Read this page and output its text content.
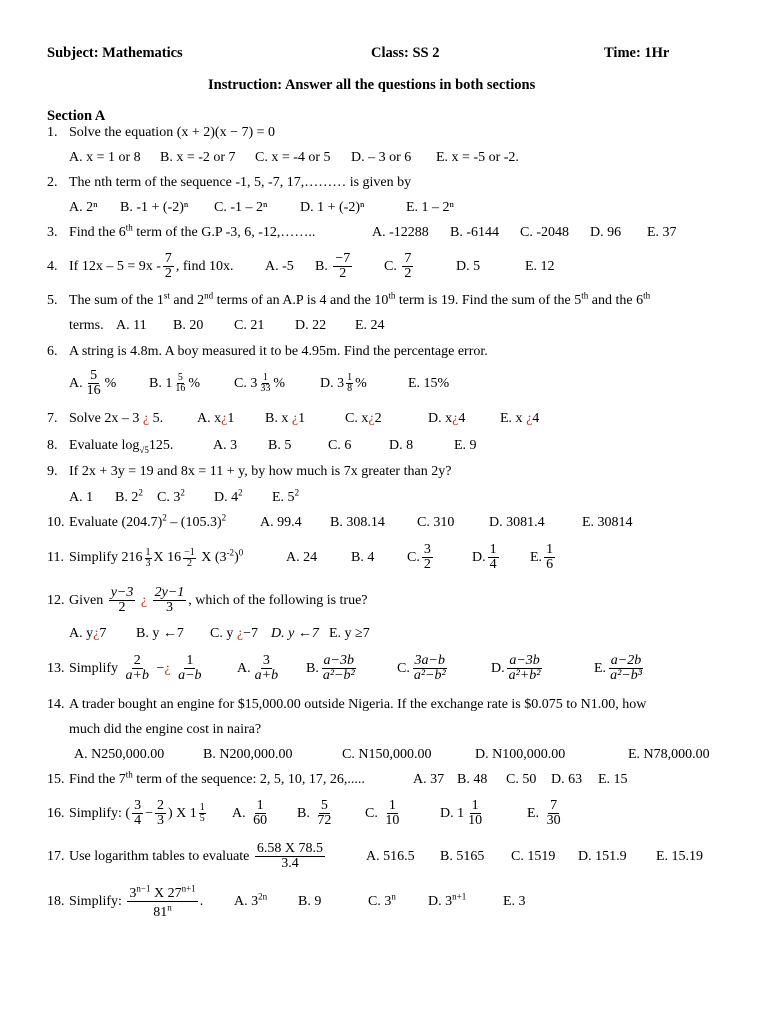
Subject: Mathematics	Class: SS 2	Time: 1Hr
Instruction: Answer all the questions in both sections
Section A
1. Solve the equation (x + 2)(x − 7) = 0
A. x = 1 or 8 B. x = -2 or 7 C. x = -4 or 5 D. – 3 or 6 E. x = -5 or -2.
2. The nth term of the sequence -1, 5, -7, 17,……… is given by
A. 2ⁿ B. -1 + (-2)ⁿ C. -1 – 2ⁿ D. 1 + (-2)ⁿ	E. 1 – 2ⁿ
3. Find the 6th term of the G.P -3, 6, -12,……..	A. -12288 B. -6144 C. -2048 D. 96 E. 37
4. If $12x - 5 = 9x - \frac{7}{2}$ , find 10x. A. -5 B. $\frac{-7}{2} C$. $\frac{7}{2}$	D. 5	E. 12
5. The sum of the 1st and 2nd terms of an A.P is 4 and the 10th term is 19. Find the sum of the 5th and the 6th
terms. A. 11 B. 20 C. 21 D. 22 E. 24
6. A string is 4.8m. A boy measured it to be 4.95m. Find the percentage error.
A. $\frac{5}{16}$ % B. $1 \frac{5}{16}$ % C. $3 \frac{1}{33}$ % D. $3 \frac{1}{8}$ %	E. 15%
7. Solve 2x – 3 ¿ 5. A. x¿1 B. x ¿1	C. x¿2	D. x¿4 E. x ¿4
8. Evaluate $\log_{√5}125$.	A. 3 B. 5	C. 6	D. 8	E. 9
9. If 2x + 3y = 19 and 8x = 11 + y, by how much is 7x greater than 2y?
A. 1 B. $2^2$ C. $3^2$ D. $4^2$ E. $5^2$
10. Evaluate $(204.7)^2 - (105.3)^2$ A. 99.4 B. 308.14 C. 310 D. 3081.4	E. 30814
11. Simplify $216 \frac{1}{3}$ X $16 \frac{-1}{2}$ X $(3^{-2})^0$	A. 24 B. 4 C. $\frac{3}{2}$	D. $\frac{1}{4} E$. $\frac{1}{6}$
12. Given $\frac{y-3}{2}$ ¿ $\frac{2y-1}{3}$ , which of the following is true?
A. y¿7 B. y ←7 C. y ¿−7 D. y ←7 E. y ≥7
13. Simplify $\frac{2}{a+b}$ −¿ $\frac{1}{a-b} A$. $\frac{3}{a+b} B$. $\frac{a-3b}{\text{a²−b²}}$	C. $\frac{3a-b}{\text{a²−b²}}$	D. $\frac{a-3b}{\text{a²+b²}}$	E. $\frac{a-2b}{\text{a²−b³}}$
14. A trader bought an engine for $15,000.00 outside Nigeria. If the exchange rate is $0.075 to N1.00, how
much did the engine cost in naira?
A. N250,000.00	B. N200,000.00	C. N150,000.00	D. N100,000.00	E. N78,000.00
15. Find the 7th term of the sequence: 2, 5, 10, 17, 26,.....	A. 37 B. 48 C. 50 D. 63 E. 15
16. Simplify: ( $\frac{3}{4} - \frac{2}{3}$ ) X $1 \frac{1}{5} A$. $\frac{1}{60} B$. $\frac{5}{72} C$. $\frac{1}{10}$	D. $1 \frac{1}{10}$	E. $\frac{7}{30}$
17. Use logarithm tables to evaluate $\frac{6.58 X 78.5}{3.4}$	A. 516.5 B. 5165 C. 1519 D. 151.9 E. 15.19
18. Simplify: $\frac{3^{n-1} X 27^{n+1}}{81^n}$ . A. $3^{2n}$ B. 9	C. 3$^n$ D. $3^{n+1}$	E. 3
